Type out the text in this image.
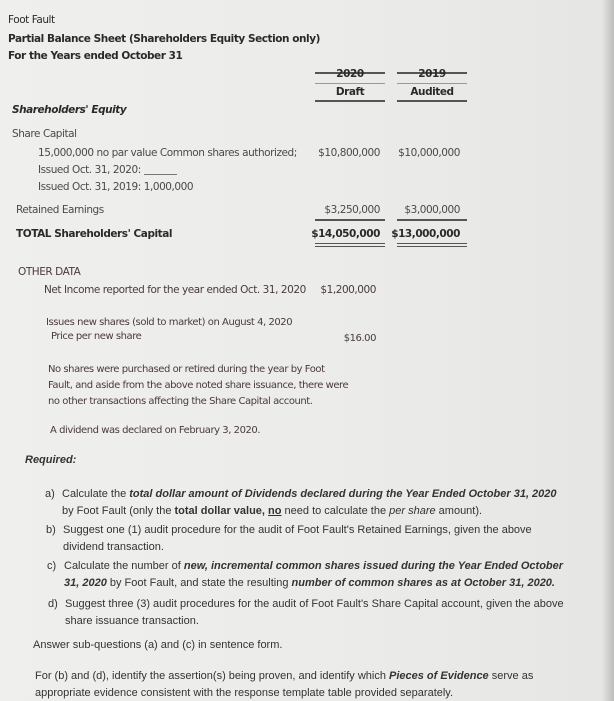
Foot Fault
Partial Balance Sheet (Shareholders Equity Section only)
For the Years ended October 31
2020	2019
Draft	Audited
Shareholders' Equity
Share Capital
15,000,000 no par value Common shares authorized;
Issued Oct. 31, 2020:
Issued Oct. 31, 2019: 1,000,000
$10,800,000	$10,000,000
Retained Earnings	$3,250,000	$3,000,000
TOTAL Shareholders' Capital	$14,050,000	$13,000,000
OTHER DATA
Net Income reported for the year ended Oct. 31, 2020	$1,200,000
Issues new shares (sold to market) on August 4, 2020
Price per new share	$16.00
No shares were purchased or retired during the year by Foot
Fault, and aside from the above noted share issuance, there were
no other transactions affecting the Share Capital account.
A dividend was declared on February 3, 2020.
Required:
a) Calculate the total dollar amount of Dividends declared during the Year Ended October 31, 2020
by Foot Fault (only the total dollar value, no need to calculate the per share amount).
b) Suggest one (1) audit procedure for the audit of Foot Fault's Retained Earnings, given the above
dividend transaction.
c) Calculate the number of new, incremental common shares issued during the Year Ended October
31, 2020 by Foot Fault, and state the resulting number of common shares as at October 31, 2020.
d) Suggest three (3) audit procedures for the audit of Foot Fault's Share Capital account, given the above
share issuance transaction.
Answer sub-questions (a) and (c) in sentence form.
For (b) and (d), identify the assertion(s) being proven, and identify which Pieces of Evidence serve as
appropriate evidence consistent with the response template table provided separately.
